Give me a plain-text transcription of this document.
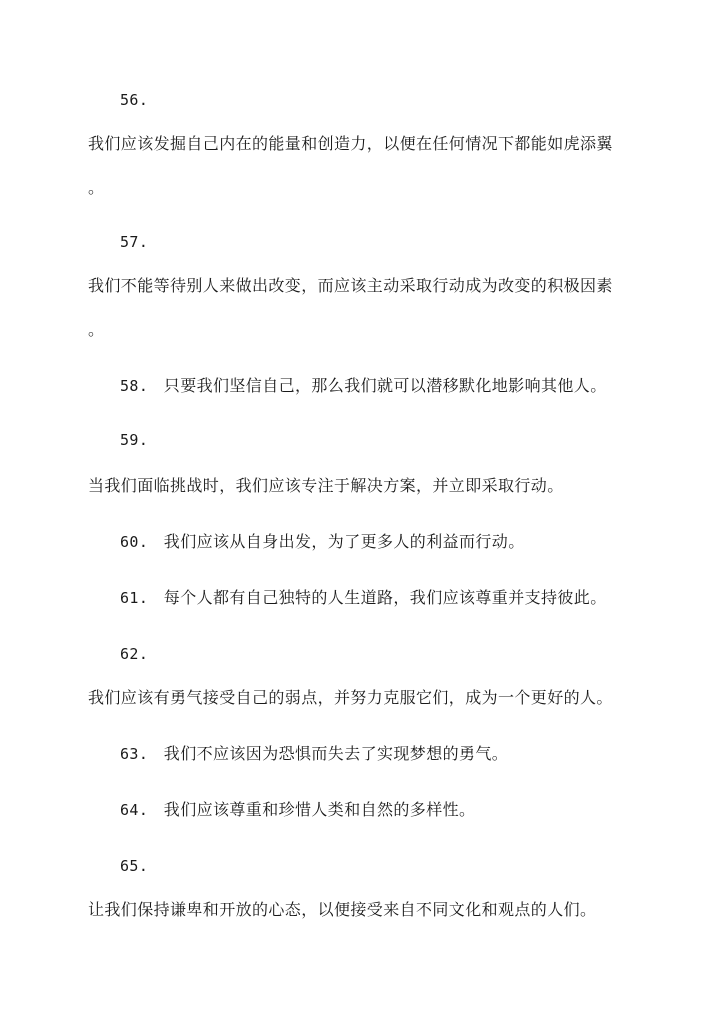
56.
我们应该发掘自己内在的能量和创造力，以便在任何情况下都能如虎添翼
。
57.
我们不能等待别人来做出改变，而应该主动采取行动成为改变的积极因素
。
58. 只要我们坚信自己，那么我们就可以潜移默化地影响其他人。
59.
当我们面临挑战时，我们应该专注于解决方案，并立即采取行动。
60. 我们应该从自身出发，为了更多人的利益而行动。
61. 每个人都有自己独特的人生道路，我们应该尊重并支持彼此。
62.
我们应该有勇气接受自己的弱点，并努力克服它们，成为一个更好的人。
63. 我们不应该因为恐惧而失去了实现梦想的勇气。
64. 我们应该尊重和珍惜人类和自然的多样性。
65.
让我们保持谦卑和开放的心态，以便接受来自不同文化和观点的人们。
